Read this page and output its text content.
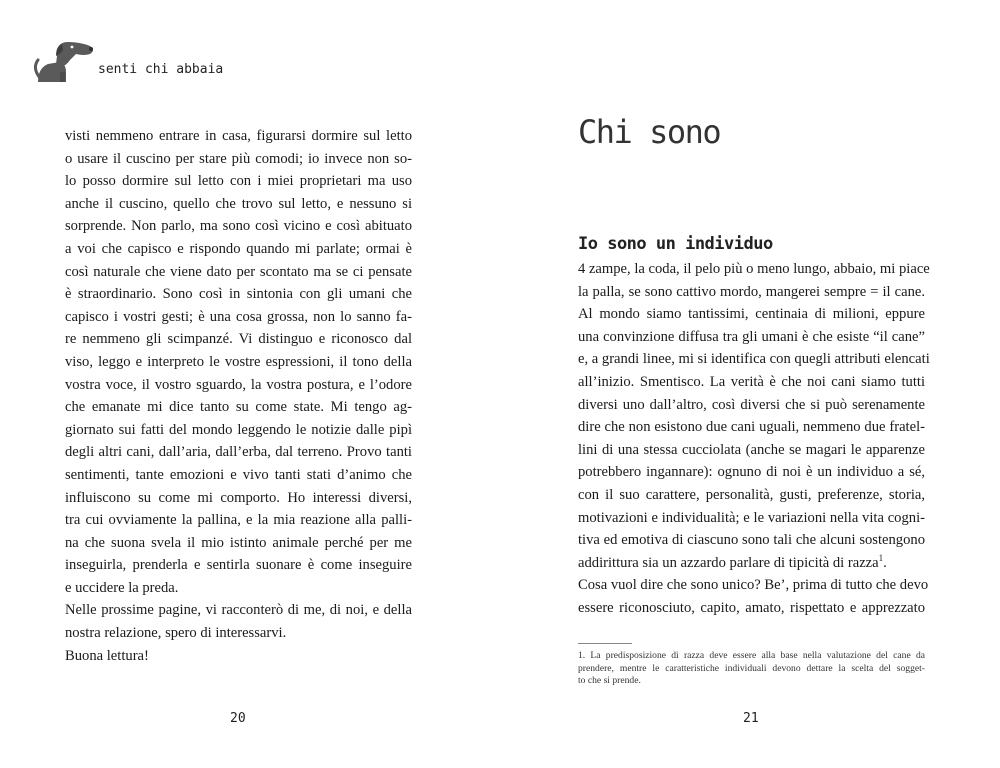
senti chi abbaia
visti nemmeno entrare in casa, figurarsi dormire sul letto
o usare il cuscino per stare più comodi; io invece non so-
lo posso dormire sul letto con i miei proprietari ma uso
anche il cuscino, quello che trovo sul letto, e nessuno si
sorprende. Non parlo, ma sono così vicino e così abituato
a voi che capisco e rispondo quando mi parlate; ormai è
così naturale che viene dato per scontato ma se ci pensate
è straordinario. Sono così in sintonia con gli umani che
capisco i vostri gesti; è una cosa grossa, non lo sanno fa-
re nemmeno gli scimpanzé. Vi distinguo e riconosco dal
viso, leggo e interpreto le vostre espressioni, il tono della
vostra voce, il vostro sguardo, la vostra postura, e l’odore
che emanate mi dice tanto su come state. Mi tengo ag-
giornato sui fatti del mondo leggendo le notizie dalle pipì
degli altri cani, dall’aria, dall’erba, dal terreno. Provo tanti
sentimenti, tante emozioni e vivo tanti stati d’animo che
influiscono su come mi comporto. Ho interessi diversi,
tra cui ovviamente la pallina, e la mia reazione alla palli-
na che suona svela il mio istinto animale perché per me
inseguirla, prenderla e sentirla suonare è come inseguire
e uccidere la preda.
Nelle prossime pagine, vi racconterò di me, di noi, e della
nostra relazione, spero di interessarvi.
Buona lettura!
20	21
Chi sono
Io sono un individuo
4 zampe, la coda, il pelo più o meno lungo, abbaio, mi piace
la palla, se sono cattivo mordo, mangerei sempre = il cane.
Al mondo siamo tantissimi, centinaia di milioni, eppure
una convinzione diffusa tra gli umani è che esiste “il cane”
e, a grandi linee, mi si identifica con quegli attributi elencati
all’inizio. Smentisco. La verità è che noi cani siamo tutti
diversi uno dall’altro, così diversi che si può serenamente
dire che non esistono due cani uguali, nemmeno due fratel-
lini di una stessa cucciolata (anche se magari le apparenze
potrebbero ingannare): ognuno di noi è un individuo a sé,
con il suo carattere, personalità, gusti, preferenze, storia,
motivazioni e individualità; e le variazioni nella vita cogni-
tiva ed emotiva di ciascuno sono tali che alcuni sostengono
addirittura sia un azzardo parlare di tipicità di razza$^1$.
Cosa vuol dire che sono unico? Be’, prima di tutto che devo
essere riconosciuto, capito, amato, rispettato e apprezzato
1. La predisposizione di razza deve essere alla base nella valutazione del cane da
prendere, mentre le caratteristiche individuali devono dettare la scelta del sogget-
to che si prende.
